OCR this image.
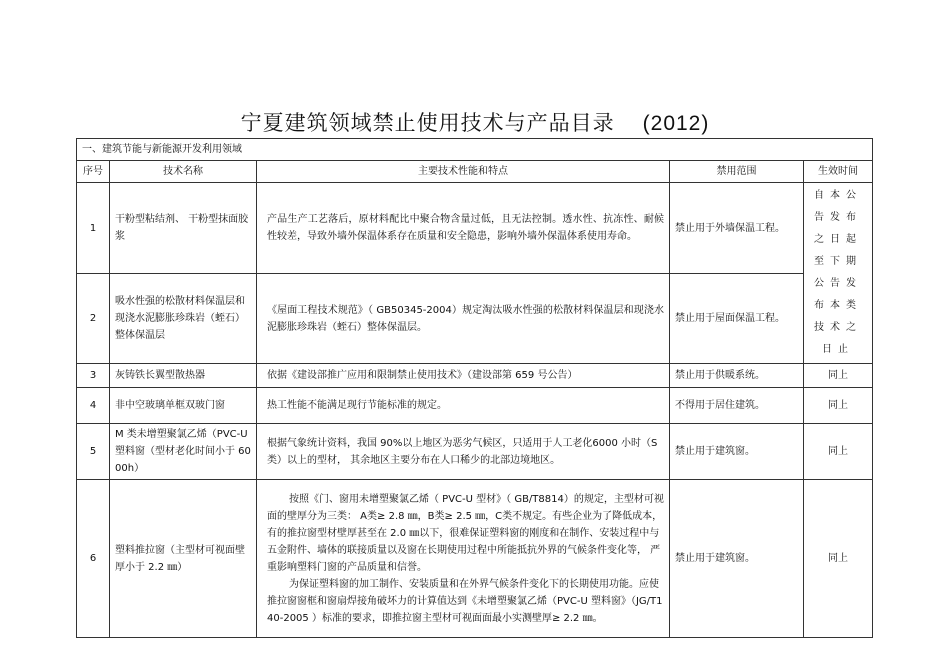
宁夏建筑领域禁止使用技术与产品目录 (2012)
一、建筑节能与新能源开发利用领域				
序号	技术名称	主要技术性能和特点	禁用范围	生效时间
1	干粉型粘结剂、 干粉型抹面胶浆	产品生产工艺落后，原材料配比中聚合物含量过低，且无法控制。透水性、抗冻性、耐候性较差，导致外墙外保温体系存在质量和安全隐患，影响外墙外保温体系使用寿命。	禁止用于外墙保温工程。	自本公告发布之日起至下期公告发布本类技术之日止
2	吸水性强的松散材料保温层和现浇水泥膨胀珍珠岩（蛭石）整体保温层	《屋面工程技术规范》（ GB50345-2004）规定淘汰吸水性强的松散材料保温层和现浇水泥膨胀珍珠岩（蛭石）整体保温层。	禁止用于屋面保温工程。	
3	灰铸铁长翼型散热器	依据《建设部推广应用和限制禁止使用技术》（建设部第 659 号公告）	禁止用于供暖系统。	同上
4	非中空玻璃单框双玻门窗	热工性能不能满足现行节能标准的规定。	不得用于居住建筑。	同上
5	M 类未增塑聚氯乙烯（PVC-U 塑料窗（型材老化时间小于 6000h）	根据气象统计资料，我国 90%以上地区为恶劣气候区，只适用于人工老化6000 小时（S类）以上的型材， 其余地区主要分布在人口稀少的北部边境地区。	禁止用于建筑窗。	同上
6	塑料推拉窗（主型材可视面壁厚小于 2.2 ㎜）	按照《门、窗用未增塑聚氯乙烯（ PVC-U 型材》（ GB/T8814）的规定，主型材可视面的壁厚分为三类： A类≥ 2.8 ㎜，B类≥ 2.5 ㎜，C类不规定。有些企业为了降低成本，有的推拉窗型材壁厚甚至在 2.0 ㎜以下，很难保证塑料窗的刚度和在制作、安装过程中与五金附件、墙体的联接质量以及窗在长期使用过程中所能抵抗外界的气候条件变化等， 严重影响塑料门窗的产品质量和信誉。
为保证塑料窗的加工制作、安装质量和在外界气候条件变化下的长期使用功能。应使推拉窗窗框和窗扇焊接角破坏力的计算值达到《未增塑聚氯乙烯（PVC-U 塑料窗》（JG/T140-2005 ）标准的要求，即推拉窗主型材可视面面最小实测壁厚≥ 2.2 ㎜。	禁止用于建筑窗。	同上
